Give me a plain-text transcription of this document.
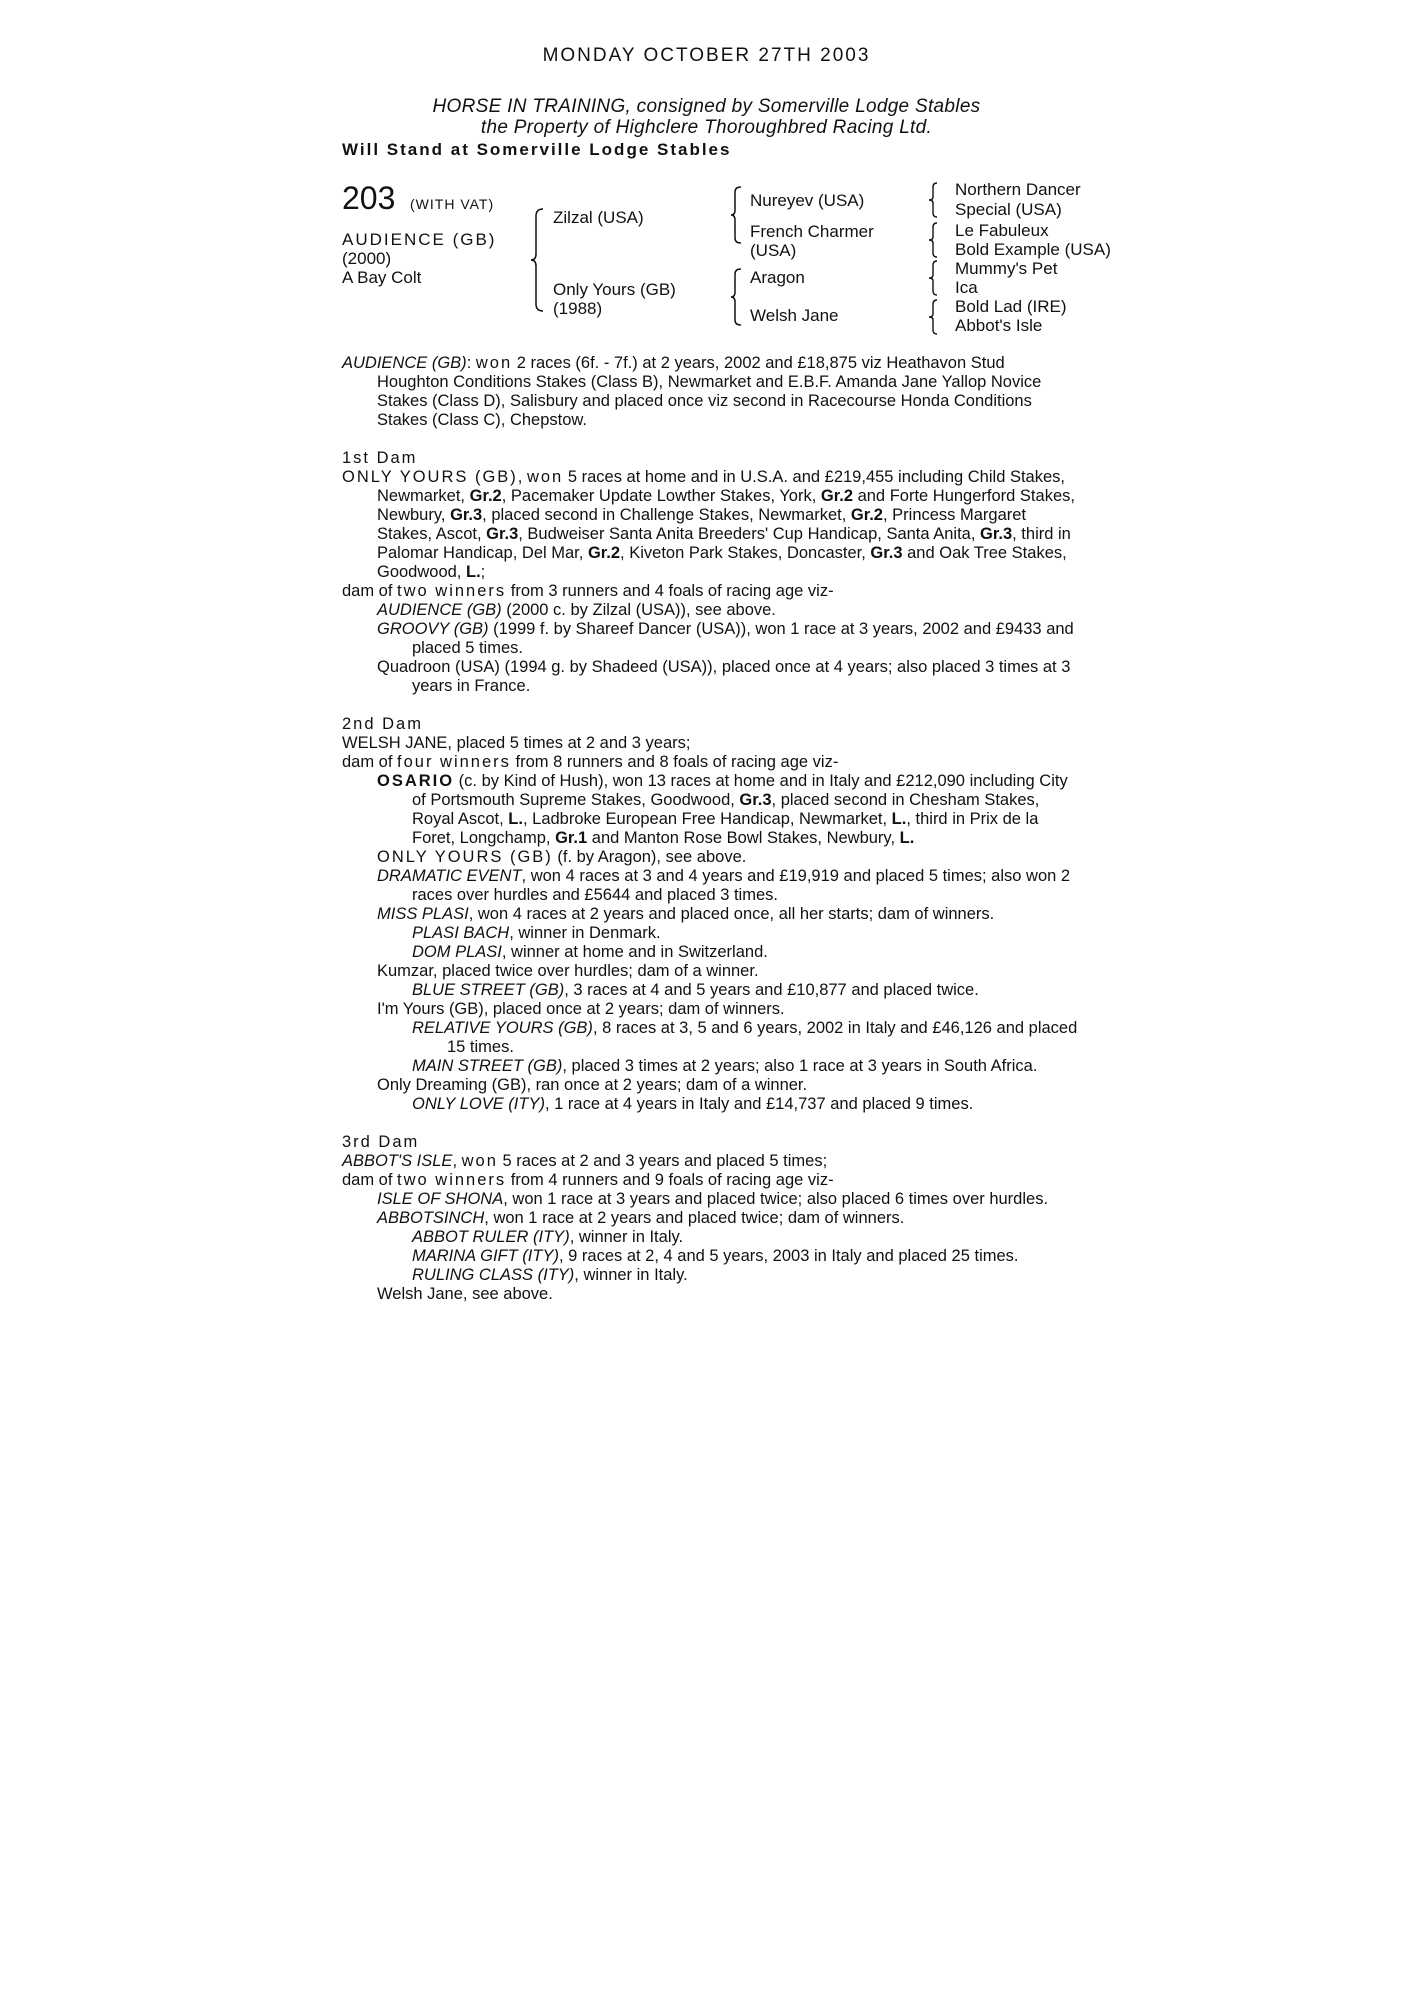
MONDAY OCTOBER 27TH 2003
HORSE IN TRAINING, consigned by Somerville Lodge Stables
the Property of Highclere Thoroughbred Racing Ltd.
Will Stand at Somerville Lodge Stables
203 (WITH VAT)
AUDIENCE (GB)
(2000)
A Bay Colt
Zilzal (USA)
Only Yours (GB)
(1988)
Nureyev (USA)
French Charmer
(USA)
Aragon
Welsh Jane
Northern Dancer
Special (USA)
Le Fabuleux
Bold Example (USA)
Mummy's Pet
Ica
Bold Lad (IRE)
Abbot's Isle

AUDIENCE (GB): won 2 races (6f. - 7f.) at 2 years, 2002 and £18,875 viz Heathavon Stud Houghton Conditions Stakes (Class B), Newmarket and E.B.F. Amanda Jane Yallop Novice Stakes (Class D), Salisbury and placed once viz second in Racecourse Honda Conditions Stakes (Class C), Chepstow.

1st Dam

ONLY YOURS (GB), won 5 races at home and in U.S.A. and £219,455 including Child Stakes, Newmarket, Gr.2, Pacemaker Update Lowther Stakes, York, Gr.2 and Forte Hungerford Stakes, Newbury, Gr.3, placed second in Challenge Stakes, Newmarket, Gr.2, Princess Margaret Stakes, Ascot, Gr.3, Budweiser Santa Anita Breeders' Cup Handicap, Santa Anita, Gr.3, third in Palomar Handicap, Del Mar, Gr.2, Kiveton Park Stakes, Doncaster, Gr.3 and Oak Tree Stakes, Goodwood, L.;

dam of two winners from 3 runners and 4 foals of racing age viz-

AUDIENCE (GB) (2000 c. by Zilzal (USA)), see above.

GROOVY (GB) (1999 f. by Shareef Dancer (USA)), won 1 race at 3 years, 2002 and £9433 and placed 5 times.

Quadroon (USA) (1994 g. by Shadeed (USA)), placed once at 4 years; also placed 3 times at 3 years in France.

2nd Dam

WELSH JANE, placed 5 times at 2 and 3 years;

dam of four winners from 8 runners and 8 foals of racing age viz-

OSARIO (c. by Kind of Hush), won 13 races at home and in Italy and £212,090 including City of Portsmouth Supreme Stakes, Goodwood, Gr.3, placed second in Chesham Stakes, Royal Ascot, L., Ladbroke European Free Handicap, Newmarket, L., third in Prix de la Foret, Longchamp, Gr.1 and Manton Rose Bowl Stakes, Newbury, L.

ONLY YOURS (GB) (f. by Aragon), see above.

DRAMATIC EVENT, won 4 races at 3 and 4 years and £19,919 and placed 5 times; also won 2 races over hurdles and £5644 and placed 3 times.

MISS PLASI, won 4 races at 2 years and placed once, all her starts; dam of winners.

PLASI BACH, winner in Denmark.

DOM PLASI, winner at home and in Switzerland.

Kumzar, placed twice over hurdles; dam of a winner.

BLUE STREET (GB), 3 races at 4 and 5 years and £10,877 and placed twice.

I'm Yours (GB), placed once at 2 years; dam of winners.

RELATIVE YOURS (GB), 8 races at 3, 5 and 6 years, 2002 in Italy and £46,126 and placed 15 times.

MAIN STREET (GB), placed 3 times at 2 years; also 1 race at 3 years in South Africa.

Only Dreaming (GB), ran once at 2 years; dam of a winner.

ONLY LOVE (ITY), 1 race at 4 years in Italy and £14,737 and placed 9 times.

3rd Dam

ABBOT'S ISLE, won 5 races at 2 and 3 years and placed 5 times;

dam of two winners from 4 runners and 9 foals of racing age viz-

ISLE OF SHONA, won 1 race at 3 years and placed twice; also placed 6 times over hurdles.

ABBOTSINCH, won 1 race at 2 years and placed twice; dam of winners.

ABBOT RULER (ITY), winner in Italy.

MARINA GIFT (ITY), 9 races at 2, 4 and 5 years, 2003 in Italy and placed 25 times.

RULING CLASS (ITY), winner in Italy.

Welsh Jane, see above.
